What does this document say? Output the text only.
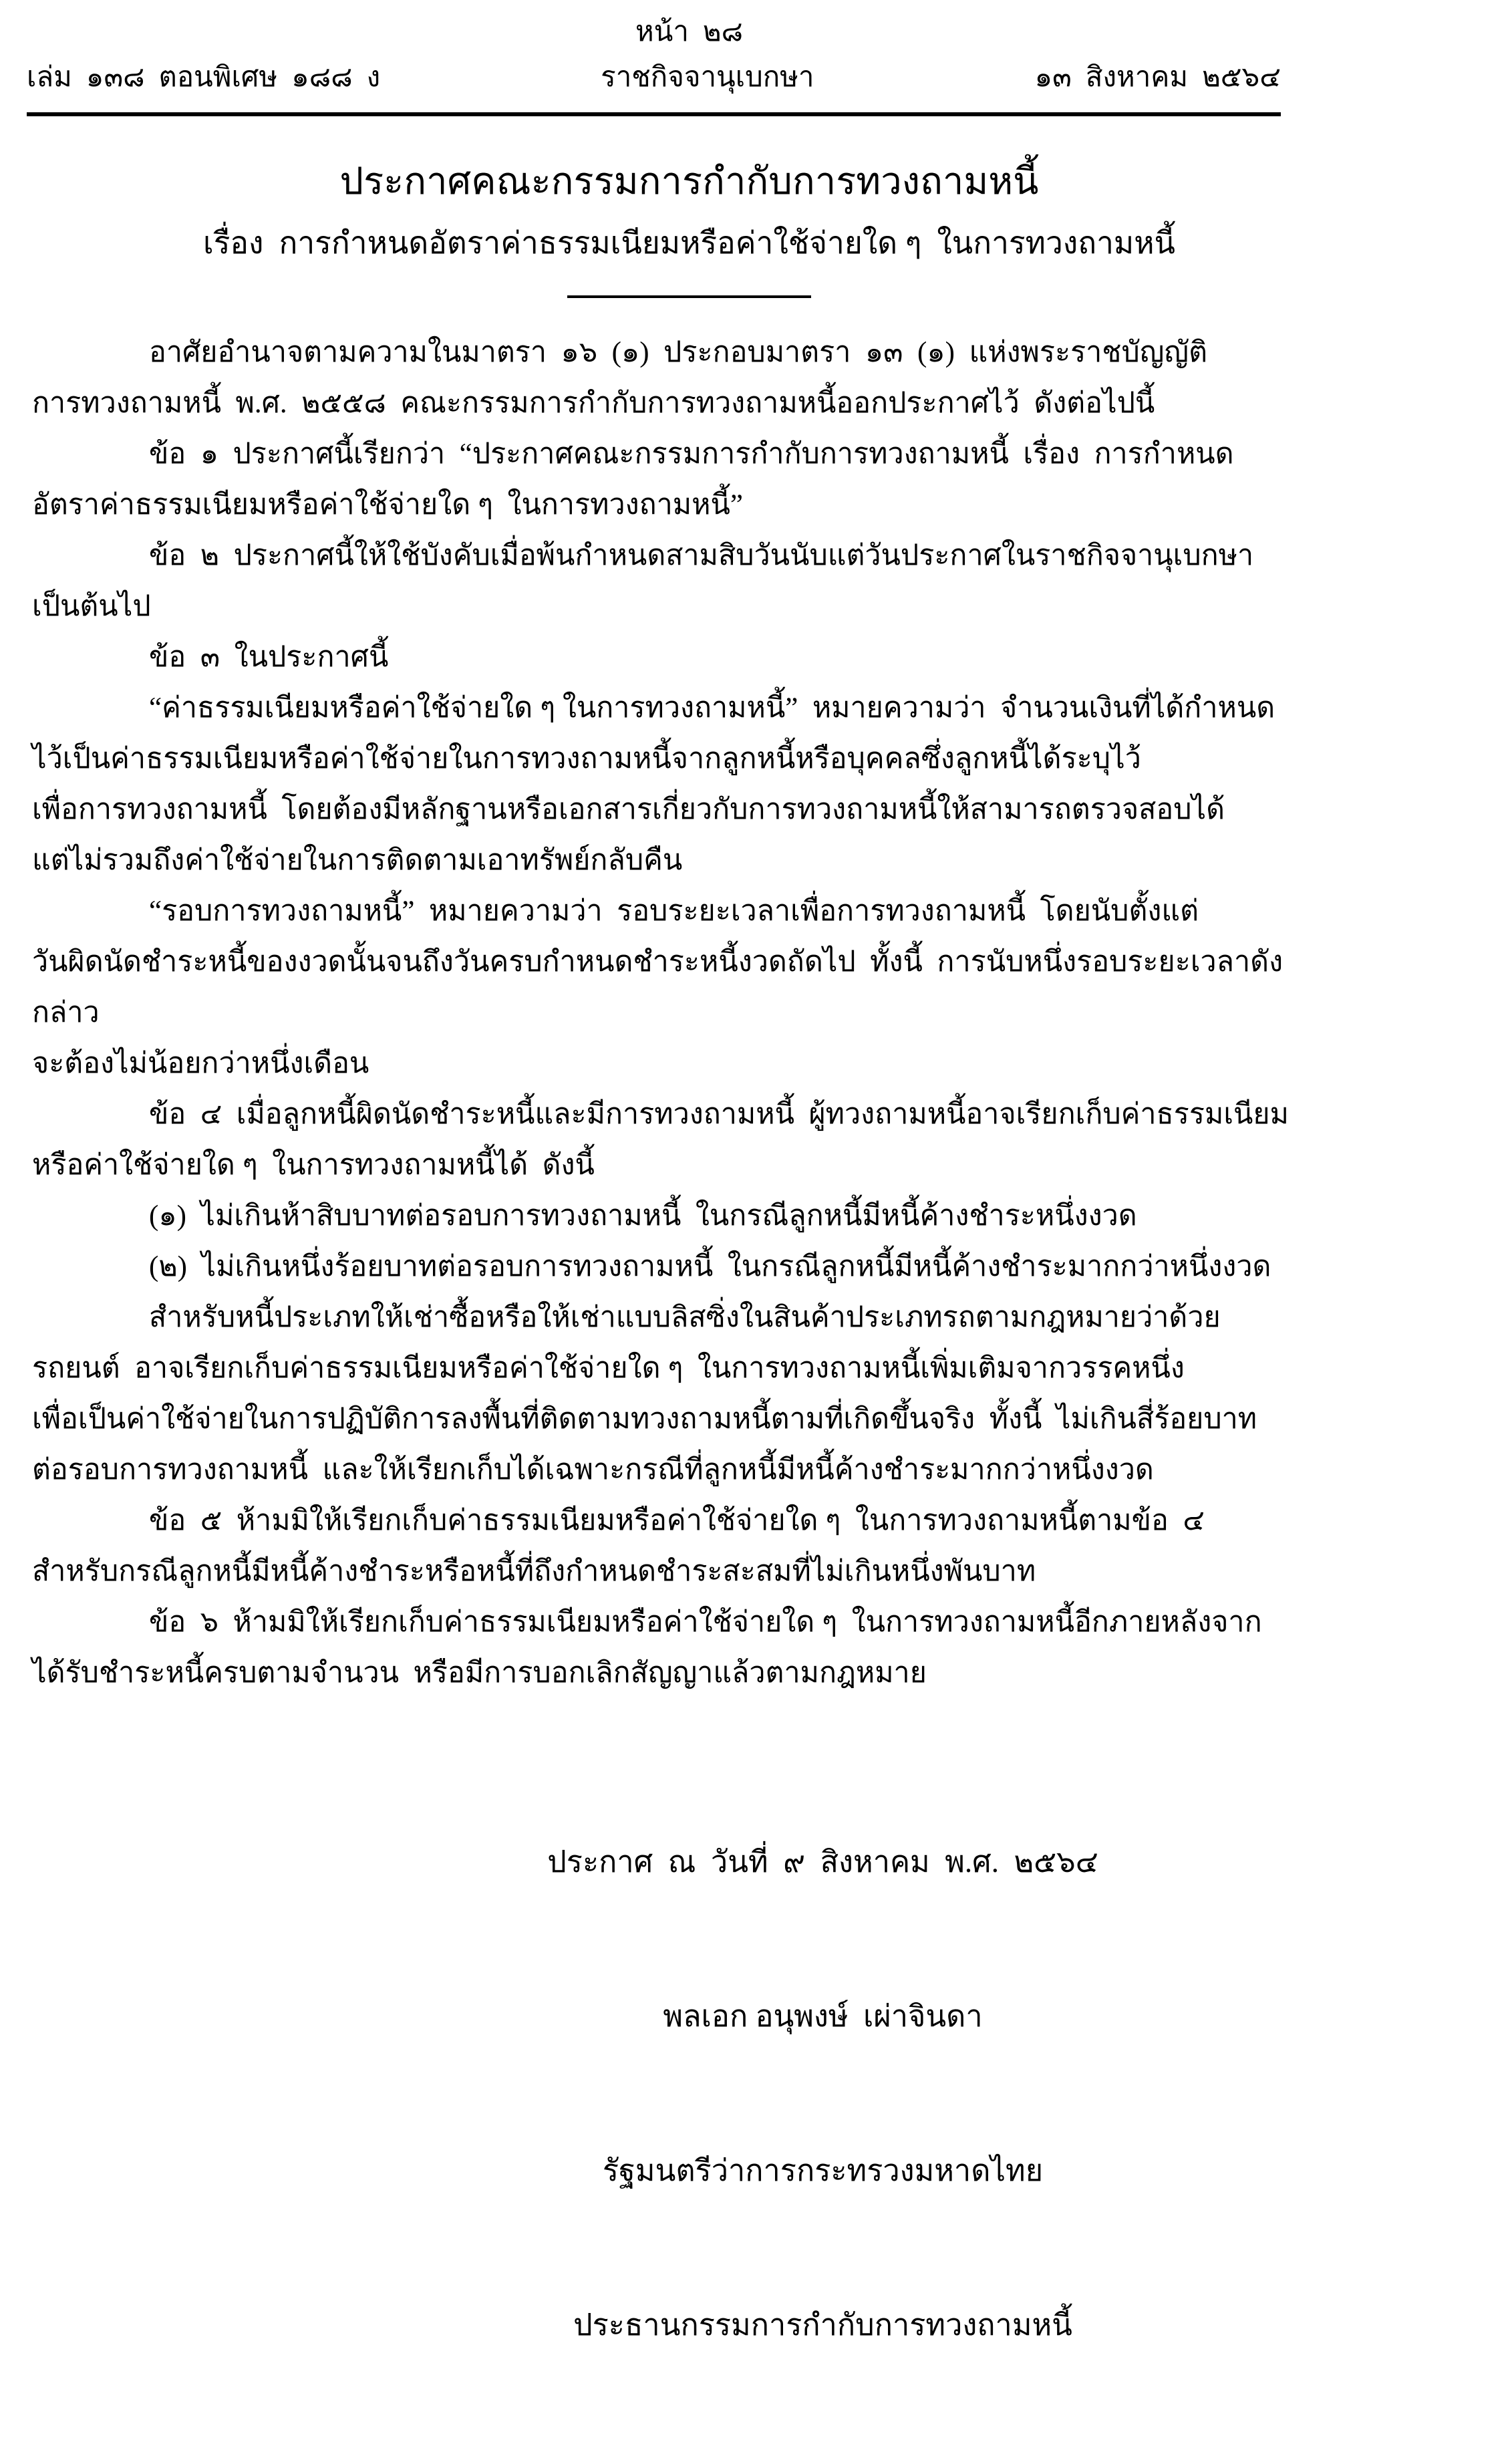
หน้า  ๒๘
เล่ม  ๑๓๘  ตอนพิเศษ  ๑๘๘  ง	ราชกิจจานุเบกษา	๑๓  สิงหาคม  ๒๕๖๔
ประกาศคณะกรรมการกำกับการทวงถามหนี้
เรื่อง  การกำหนดอัตราค่าธรรมเนียมหรือค่าใช้จ่ายใด ๆ  ในการทวงถามหนี้
อาศัยอำนาจตามความในมาตรา  ๑๖  (๑)  ประกอบมาตรา  ๑๓  (๑)  แห่งพระราชบัญญัติ
การทวงถามหนี้  พ.ศ.  ๒๕๕๘  คณะกรรมการกำกับการทวงถามหนี้ออกประกาศไว้  ดังต่อไปนี้
ข้อ  ๑  ประกาศนี้เรียกว่า  “ประกาศคณะกรรมการกำกับการทวงถามหนี้  เรื่อง  การกำหนด
อัตราค่าธรรมเนียมหรือค่าใช้จ่ายใด ๆ  ในการทวงถามหนี้”
ข้อ  ๒  ประกาศนี้ให้ใช้บังคับเมื่อพ้นกำหนดสามสิบวันนับแต่วันประกาศในราชกิจจานุเบกษา
เป็นต้นไป
ข้อ  ๓  ในประกาศนี้
“ค่าธรรมเนียมหรือค่าใช้จ่ายใด ๆ ในการทวงถามหนี้”  หมายความว่า  จำนวนเงินที่ได้กำหนด
ไว้เป็นค่าธรรมเนียมหรือค่าใช้จ่ายในการทวงถามหนี้จากลูกหนี้หรือบุคคลซึ่งลูกหนี้ได้ระบุไว้
เพื่อการทวงถามหนี้  โดยต้องมีหลักฐานหรือเอกสารเกี่ยวกับการทวงถามหนี้ให้สามารถตรวจสอบได้
แต่ไม่รวมถึงค่าใช้จ่ายในการติดตามเอาทรัพย์กลับคืน
“รอบการทวงถามหนี้”  หมายความว่า  รอบระยะเวลาเพื่อการทวงถามหนี้  โดยนับตั้งแต่
วันผิดนัดชำระหนี้ของงวดนั้นจนถึงวันครบกำหนดชำระหนี้งวดถัดไป  ทั้งนี้  การนับหนึ่งรอบระยะเวลาดังกล่าว
จะต้องไม่น้อยกว่าหนึ่งเดือน
ข้อ  ๔  เมื่อลูกหนี้ผิดนัดชำระหนี้และมีการทวงถามหนี้  ผู้ทวงถามหนี้อาจเรียกเก็บค่าธรรมเนียม
หรือค่าใช้จ่ายใด ๆ  ในการทวงถามหนี้ได้  ดังนี้
(๑)  ไม่เกินห้าสิบบาทต่อรอบการทวงถามหนี้  ในกรณีลูกหนี้มีหนี้ค้างชำระหนึ่งงวด
(๒)  ไม่เกินหนึ่งร้อยบาทต่อรอบการทวงถามหนี้  ในกรณีลูกหนี้มีหนี้ค้างชำระมากกว่าหนึ่งงวด
สำหรับหนี้ประเภทให้เช่าซื้อหรือให้เช่าแบบลิสซิ่งในสินค้าประเภทรถตามกฎหมายว่าด้วย
รถยนต์  อาจเรียกเก็บค่าธรรมเนียมหรือค่าใช้จ่ายใด ๆ  ในการทวงถามหนี้เพิ่มเติมจากวรรคหนึ่ง
เพื่อเป็นค่าใช้จ่ายในการปฏิบัติการลงพื้นที่ติดตามทวงถามหนี้ตามที่เกิดขึ้นจริง  ทั้งนี้  ไม่เกินสี่ร้อยบาท
ต่อรอบการทวงถามหนี้  และให้เรียกเก็บได้เฉพาะกรณีที่ลูกหนี้มีหนี้ค้างชำระมากกว่าหนึ่งงวด
ข้อ  ๕  ห้ามมิให้เรียกเก็บค่าธรรมเนียมหรือค่าใช้จ่ายใด ๆ  ในการทวงถามหนี้ตามข้อ  ๔
สำหรับกรณีลูกหนี้มีหนี้ค้างชำระหรือหนี้ที่ถึงกำหนดชำระสะสมที่ไม่เกินหนึ่งพันบาท
ข้อ  ๖  ห้ามมิให้เรียกเก็บค่าธรรมเนียมหรือค่าใช้จ่ายใด ๆ  ในการทวงถามหนี้อีกภายหลังจาก
ได้รับชำระหนี้ครบตามจำนวน  หรือมีการบอกเลิกสัญญาแล้วตามกฎหมาย

ประกาศ  ณ  วันที่  ๙  สิงหาคม  พ.ศ.  ๒๕๖๔

พลเอก อนุพงษ์  เผ่าจินดา

รัฐมนตรีว่าการกระทรวงมหาดไทย

ประธานกรรมการกำกับการทวงถามหนี้
